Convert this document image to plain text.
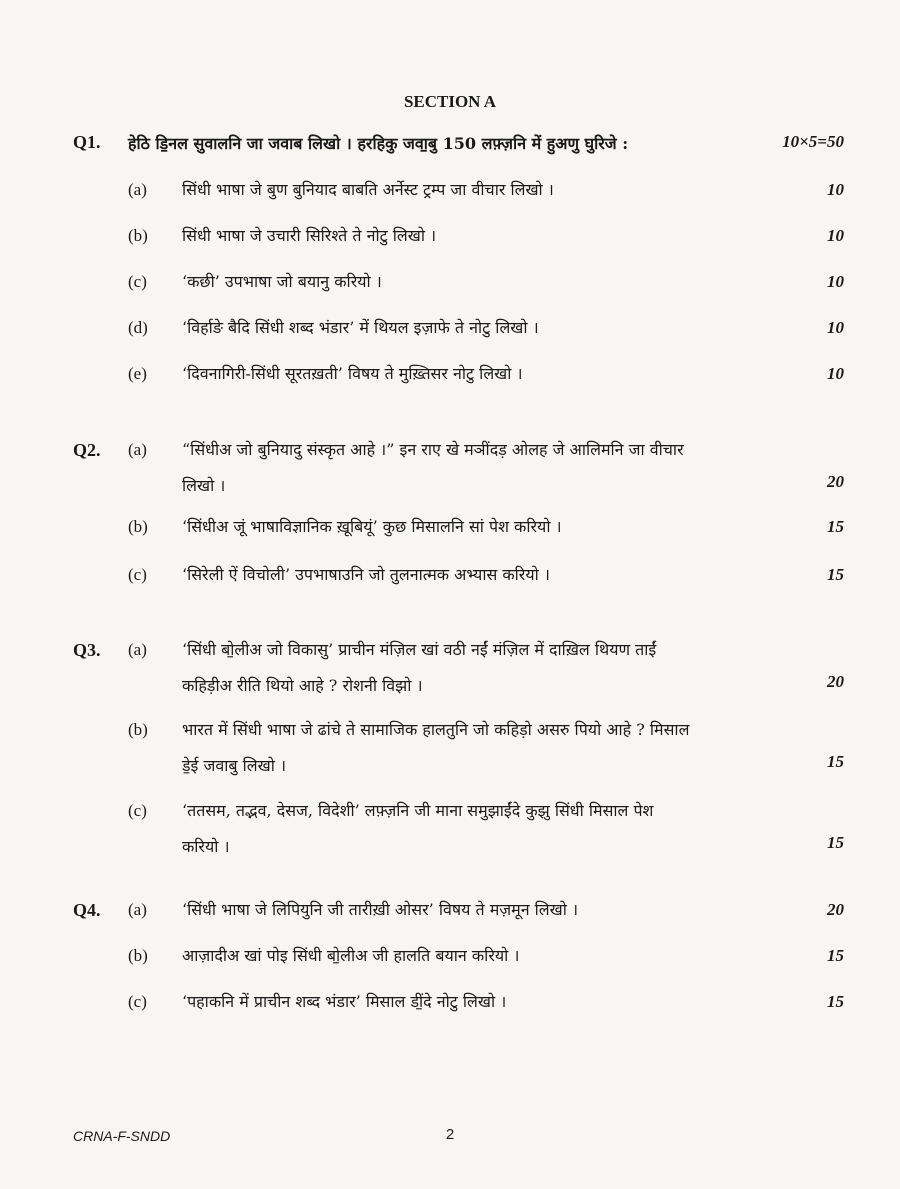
SECTION A
Q1. हेठि डि॒नल सुवालनि जा जवाब लिखो । हरहिकु जवा॒बु 150 लफ़्ज़नि में हुअणु घुरिजे :	10×5=50
(a) सिंधी भाषा जे बुण बुनियाद बाबति अर्नेस्ट ट्रम्प जा वीचार लिखो ।	10
(b) सिंधी भाषा जे उचारी सिरिश्ते ते नोटु लिखो ।	10
(c) ‘कछी’ उपभाषा जो बयानु करियो ।	10
(d) ‘विर्हाङे बैदि सिंधी शब्द भंडार’ में थियल इज़ाफे ते नोटु लिखो ।	10
(e) ‘दिवनागिरी-सिंधी सूरतख़ती’ विषय ते मुख़्तिसर नोटु लिखो ।	10
Q2. (a) “सिंधीअ जो बुनियादु संस्कृत आहे ।” इन राए खे मञींदड़ ओलह जे आलिमनि जा वीचार
लिखो ।	20
(b) ‘सिंधीअ जूं भाषाविज्ञानिक ख़ूबियूं’ कुछ मिसालनि सां पेश करियो ।	15
(c) ‘सिरेली ऐं विचोली’ उपभाषाउनि जो तुलनात्मक अभ्यास करियो ।	15
Q3. (a) ‘सिंधी बो॒लीअ जो विकासु’ प्राचीन मंज़िल खां वठी नईं मंज़िल में दाख़िल थियण ताईं
कहिड़ीअ रीति थियो आहे ? रोशनी विझो ।	20
(b) भारत में सिंधी भाषा जे ढांचे ते सामाजिक हालतुनि जो कहिड़ो असरु पियो आहे ? मिसाल
डे॒ई जवाबु लिखो ।	15
(c) ‘ततसम, तद्भव, देसज, विदेशी’ लफ़्ज़नि जी माना समुझाईंदे कुझु सिंधी मिसाल पेश
करियो ।	15
Q4. (a) ‘सिंधी भाषा जे लिपियुनि जी तारीख़ी ओसर’ विषय ते मज़मून लिखो ।	20
(b) आज़ादीअ खां पोइ सिंधी बो॒लीअ जी हालति बयान करियो ।	15
(c) ‘पहाकनि में प्राचीन शब्द भंडार’ मिसाल डीं॒दे नोटु लिखो ।	15
CRNA-F-SNDD	2
